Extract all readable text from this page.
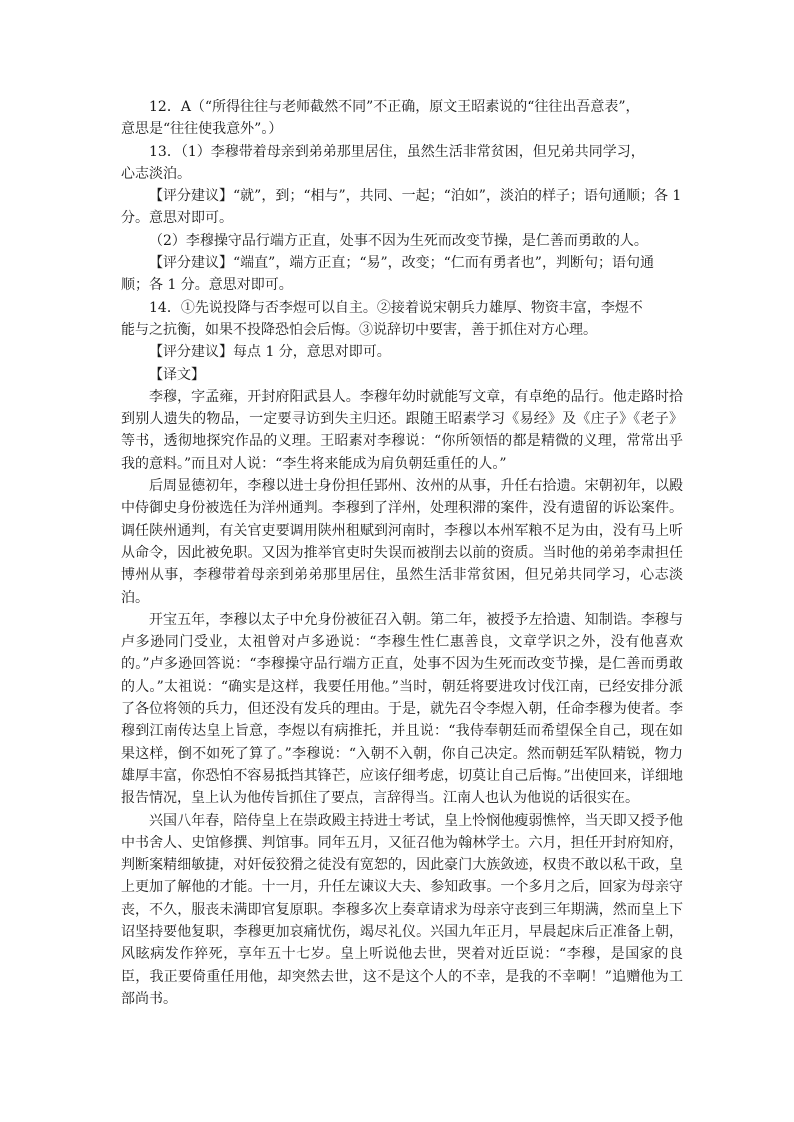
12．A（“所得往往与老师截然不同”不正确，原文王昭素说的“往往出吾意表”，

意思是“往往使我意外”。）

13．（1）李穆带着母亲到弟弟那里居住，虽然生活非常贫困，但兄弟共同学习，

心志淡泊。

【评分建议】“就”，到；“相与”，共同、一起；“泊如”，淡泊的样子；语句通顺；各 1

分。意思对即可。

（2）李穆操守品行端方正直，处事不因为生死而改变节操，是仁善而勇敢的人。

【评分建议】“端直”，端方正直；“易”，改变；“仁而有勇者也”，判断句；语句通

顺；各 1 分。意思对即可。

14．①先说投降与否李煜可以自主。②接着说宋朝兵力雄厚、物资丰富，李煜不

能与之抗衡，如果不投降恐怕会后悔。③说辞切中要害，善于抓住对方心理。

【评分建议】每点 1 分，意思对即可。

【译文】

李穆，字孟雍，开封府阳武县人。李穆年幼时就能写文章，有卓绝的品行。他走路时拾到别人遗失的物品，一定要寻访到失主归还。跟随王昭素学习《易经》及《庄子》《老子》等书，透彻地探究作品的义理。王昭素对李穆说：“你所领悟的都是精微的义理，常常出乎我的意料。”而且对人说：“李生将来能成为肩负朝廷重任的人。”

后周显德初年，李穆以进士身份担任郢州、汝州的从事，升任右拾遗。宋朝初年，以殿中侍御史身份被选任为洋州通判。李穆到了洋州，处理积滞的案件，没有遗留的诉讼案件。调任陕州通判，有关官吏要调用陕州租赋到河南时，李穆以本州军粮不足为由，没有马上听从命令，因此被免职。又因为推举官吏时失误而被削去以前的资质。当时他的弟弟李肃担任博州从事，李穆带着母亲到弟弟那里居住，虽然生活非常贫困，但兄弟共同学习，心志淡泊。

开宝五年，李穆以太子中允身份被征召入朝。第二年，被授予左拾遗、知制诰。李穆与卢多逊同门受业，太祖曾对卢多逊说：“李穆生性仁惠善良，文章学识之外，没有他喜欢的。”卢多逊回答说：“李穆操守品行端方正直，处事不因为生死而改变节操，是仁善而勇敢的人。”太祖说：“确实是这样，我要任用他。”当时，朝廷将要进攻讨伐江南，已经安排分派了各位将领的兵力，但还没有发兵的理由。于是，就先召令李煜入朝，任命李穆为使者。李穆到江南传达皇上旨意，李煜以有病推托，并且说：“我侍奉朝廷而希望保全自己，现在如果这样，倒不如死了算了。”李穆说：“入朝不入朝，你自己决定。然而朝廷军队精锐，物力雄厚丰富，你恐怕不容易抵挡其锋芒，应该仔细考虑，切莫让自己后悔。”出使回来，详细地报告情况，皇上认为他传旨抓住了要点，言辞得当。江南人也认为他说的话很实在。

兴国八年春，陪侍皇上在崇政殿主持进士考试，皇上怜悯他瘦弱憔悴，当天即又授予他中书舍人、史馆修撰、判馆事。同年五月，又征召他为翰林学士。六月，担任开封府知府，判断案精细敏捷，对奸佞狡猾之徒没有宽恕的，因此豪门大族敛迹，权贵不敢以私干政，皇上更加了解他的才能。十一月，升任左谏议大夫、参知政事。一个多月之后，回家为母亲守丧，不久，服丧未满即官复原职。李穆多次上奏章请求为母亲守丧到三年期满，然而皇上下诏坚持要他复职，李穆更加哀痛忧伤，竭尽礼仪。兴国九年正月，早晨起床后正准备上朝，风眩病发作猝死，享年五十七岁。皇上听说他去世，哭着对近臣说：“李穆，是国家的良臣，我正要倚重任用他，却突然去世，这不是这个人的不幸，是我的不幸啊！”追赠他为工部尚书。
